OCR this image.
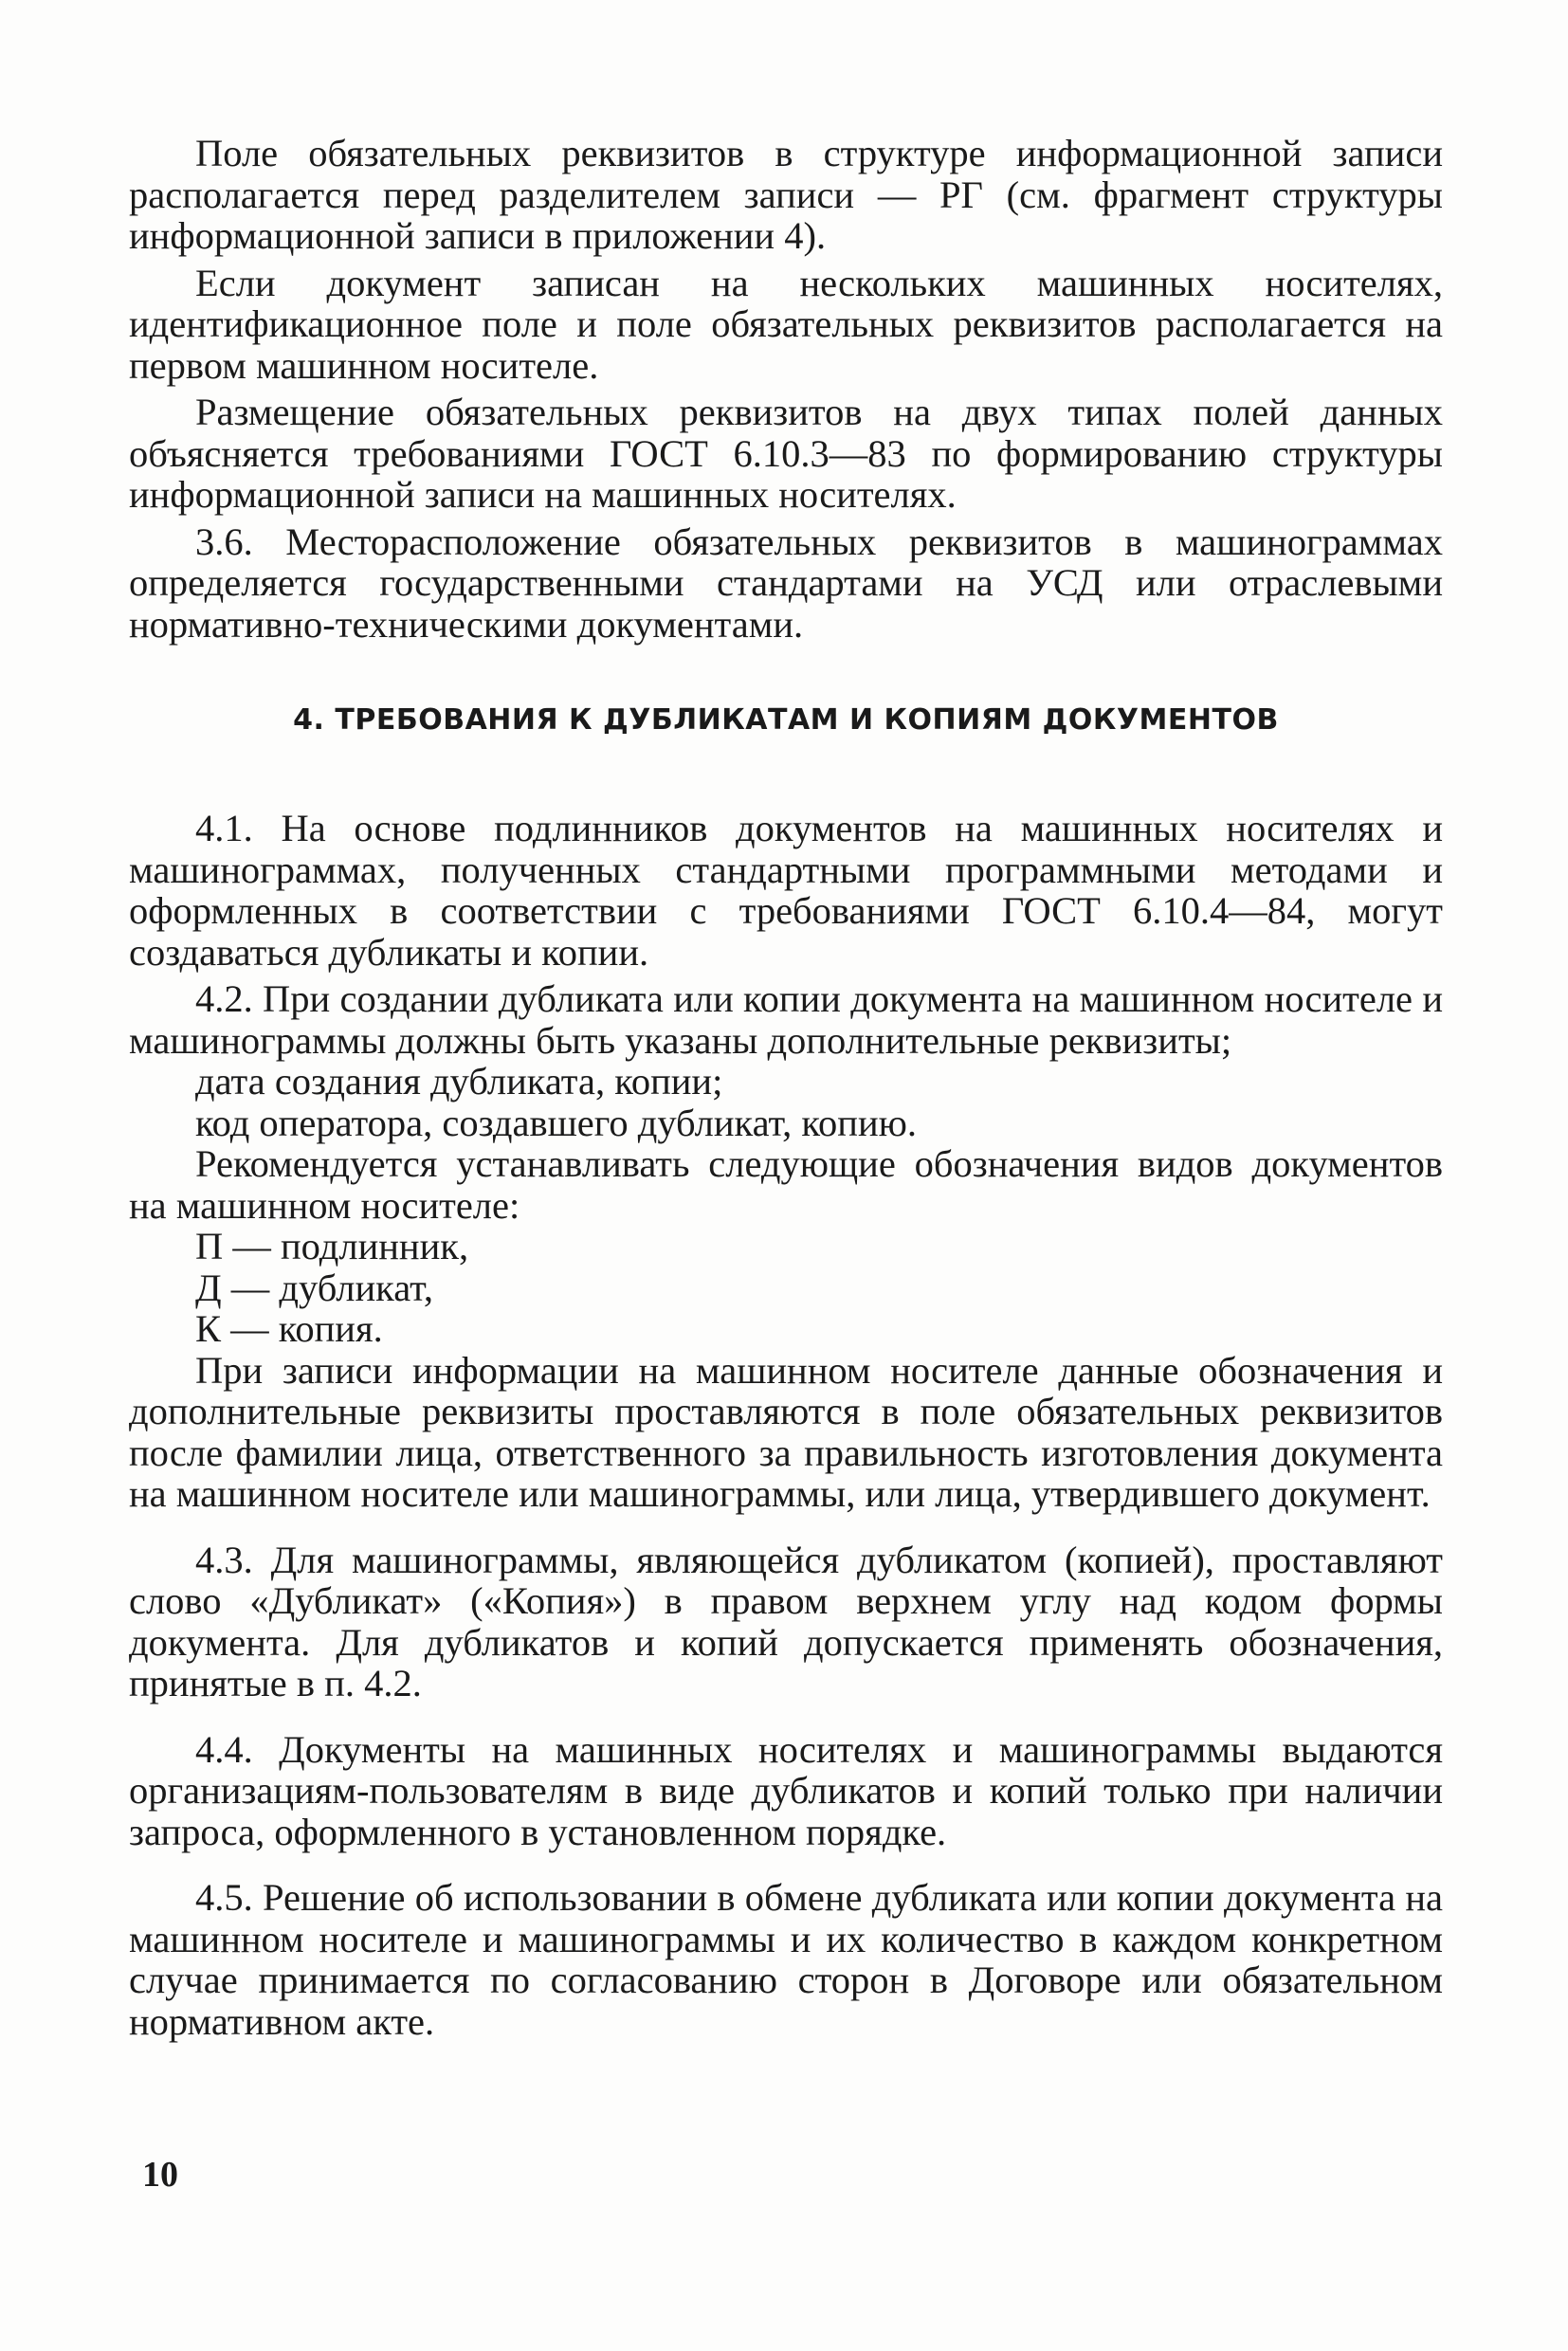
Поле обязательных реквизитов в структуре информационной записи располагается перед разделителем записи — РГ (см. фрагмент структуры информационной записи в приложении 4).

Если документ записан на нескольких машинных носителях, идентификационное поле и поле обязательных реквизитов располагается на первом машинном носителе.

Размещение обязательных реквизитов на двух типах полей данных объясняется требованиями ГОСТ 6.10.3—83 по формированию структуры информационной записи на машинных носителях.

3.6. Месторасположение обязательных реквизитов в машинограммах определяется государственными стандартами на УСД или отраслевыми нормативно-техническими документами.

4. ТРЕБОВАНИЯ К ДУБЛИКАТАМ И КОПИЯМ ДОКУМЕНТОВ

4.1. На основе подлинников документов на машинных носителях и машинограммах, полученных стандартными программными методами и оформленных в соответствии с требованиями ГОСТ 6.10.4—84, могут создаваться дубликаты и копии.

4.2. При создании дубликата или копии документа на машинном носителе и машинограммы должны быть указаны дополнительные реквизиты;

дата создания дубликата, копии;

код оператора, создавшего дубликат, копию.

Рекомендуется устанавливать следующие обозначения видов документов на машинном носителе:

П — подлинник,

Д — дубликат,

К — копия.

При записи информации на машинном носителе данные обозначения и дополнительные реквизиты проставляются в поле обязательных реквизитов после фамилии лица, ответственного за правильность изготовления документа на машинном носителе или машинограммы, или лица, утвердившего документ.

4.3. Для машинограммы, являющейся дубликатом (копией), проставляют слово «Дубликат» («Копия») в правом верхнем углу над кодом формы документа. Для дубликатов и копий допускается применять обозначения, принятые в п. 4.2.

4.4. Документы на машинных носителях и машинограммы выдаются организациям-пользователям в виде дубликатов и копий только при наличии запроса, оформленного в установленном порядке.

4.5. Решение об использовании в обмене дубликата или копии документа на машинном носителе и машинограммы и их количество в каждом конкретном случае принимается по согласованию сторон в Договоре или обязательном нормативном акте.

10
